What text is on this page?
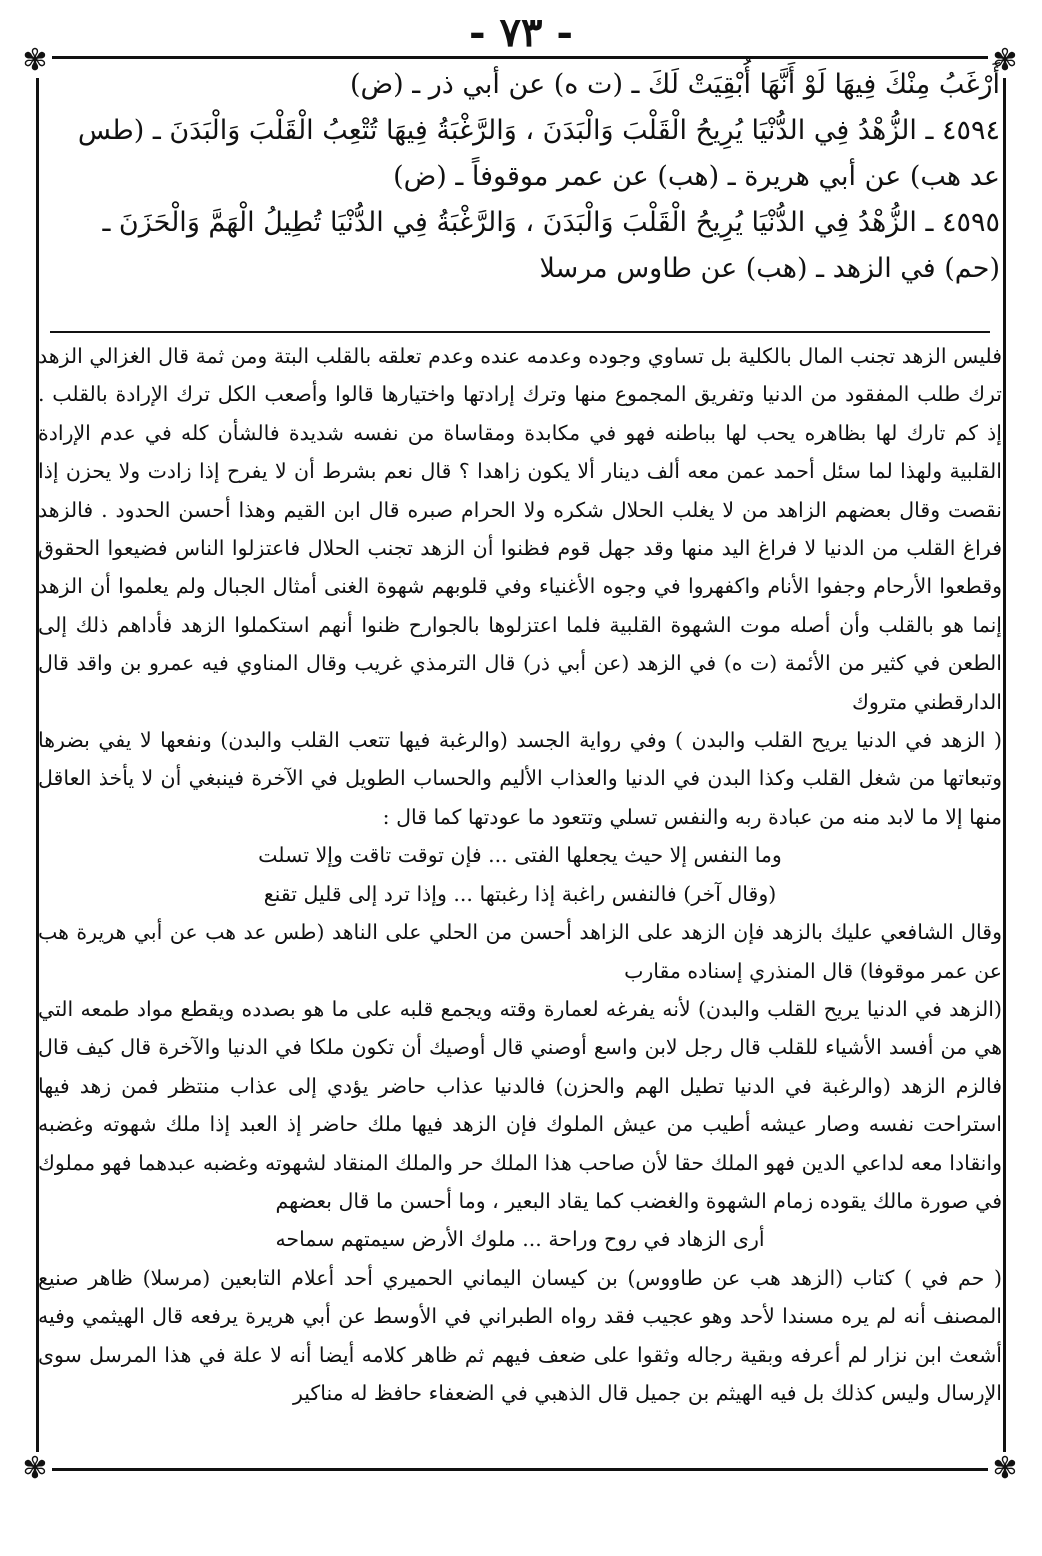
- ٧٣ -
✾	✾
✾	✾

أَرْغَبُ مِنْكَ فِيهَا لَوْ أَنَّهَا أُبْقِيَتْ لَكَ ـ (ت ه) عن أبي ذر ـ (ض)

٤٥٩٤ ـ الزُّهْدُ فِي الدُّنْيَا يُرِيحُ الْقَلْبَ وَالْبَدَنَ ، وَالرَّغْبَةُ فِيهَا تُتْعِبُ الْقَلْبَ وَالْبَدَنَ ـ (طس عد هب) عن أبي هريرة ـ (هب) عن عمر موقوفاً ـ (ض)

٤٥٩٥ ـ الزُّهْدُ فِي الدُّنْيَا يُرِيحُ الْقَلْبَ وَالْبَدَنَ ، وَالرَّغْبَةُ فِي الدُّنْيَا تُطِيلُ الْهَمَّ وَالْحَزَنَ ـ (حم) في الزهد ـ (هب) عن طاوس مرسلا

فليس الزهد تجنب المال بالكلية بل تساوي وجوده وعدمه عنده وعدم تعلقه بالقلب البتة ومن ثمة قال الغزالي الزهد ترك طلب المفقود من الدنيا وتفريق المجموع منها وترك إرادتها واختيارها قالوا وأصعب الكل ترك الإرادة بالقلب . إذ كم تارك لها بظاهره يحب لها بباطنه فهو في مكابدة ومقاساة من نفسه شديدة فالشأن كله في عدم الإرادة القلبية ولهذا لما سئل أحمد عمن معه ألف دينار ألا يكون زاهدا ؟ قال نعم بشرط أن لا يفرح إذا زادت ولا يحزن إذا نقصت وقال بعضهم الزاهد من لا يغلب الحلال شكره ولا الحرام صبره قال ابن القيم وهذا أحسن الحدود . فالزهد فراغ القلب من الدنيا لا فراغ اليد منها وقد جهل قوم فظنوا أن الزهد تجنب الحلال فاعتزلوا الناس فضيعوا الحقوق وقطعوا الأرحام وجفوا الأنام واكفهروا في وجوه الأغنياء وفي قلوبهم شهوة الغنى أمثال الجبال ولم يعلموا أن الزهد إنما هو بالقلب وأن أصله موت الشهوة القلبية فلما اعتزلوها بالجوارح ظنوا أنهم استكملوا الزهد فأداهم ذلك إلى الطعن في كثير من الأئمة (ت ه) في الزهد (عن أبي ذر) قال الترمذي غريب وقال المناوي فيه عمرو بن واقد قال الدارقطني متروك

( الزهد في الدنيا يريح القلب والبدن ) وفي رواية الجسد (والرغبة فيها تتعب القلب والبدن) ونفعها لا يفي بضرها وتبعاتها من شغل القلب وكذا البدن في الدنيا والعذاب الأليم والحساب الطويل في الآخرة فينبغي أن لا يأخذ العاقل منها إلا ما لابد منه من عبادة ربه والنفس تسلي وتتعود ما عودتها كما قال :

وما النفس إلا حيث يجعلها الفتى ... فإن توقت تاقت وإلا تسلت

(وقال آخر) فالنفس راغبة إذا رغبتها ... وإذا ترد إلى قليل تقنع

وقال الشافعي عليك بالزهد فإن الزهد على الزاهد أحسن من الحلي على الناهد (طس عد هب عن أبي هريرة هب عن عمر موقوفا) قال المنذري إسناده مقارب

(الزهد في الدنيا يريح القلب والبدن) لأنه يفرغه لعمارة وقته ويجمع قلبه على ما هو بصدده ويقطع مواد طمعه التي هي من أفسد الأشياء للقلب قال رجل لابن واسع أوصني قال أوصيك أن تكون ملكا في الدنيا والآخرة قال كيف قال فالزم الزهد (والرغبة في الدنيا تطيل الهم والحزن) فالدنيا عذاب حاضر يؤدي إلى عذاب منتظر فمن زهد فيها استراحت نفسه وصار عيشه أطيب من عيش الملوك فإن الزهد فيها ملك حاضر إذ العبد إذا ملك شهوته وغضبه وانقادا معه لداعي الدين فهو الملك حقا لأن صاحب هذا الملك حر والملك المنقاد لشهوته وغضبه عبدهما فهو مملوك في صورة مالك يقوده زمام الشهوة والغضب كما يقاد البعير ، وما أحسن ما قال بعضهم

أرى الزهاد في روح وراحة ... ملوك الأرض سيمتهم سماحه

( حم في ) كتاب (الزهد هب عن طاووس) بن كيسان اليماني الحميري أحد أعلام التابعين (مرسلا) ظاهر صنيع المصنف أنه لم يره مسندا لأحد وهو عجيب فقد رواه الطبراني في الأوسط عن أبي هريرة يرفعه قال الهيثمي وفيه أشعث ابن نزار لم أعرفه وبقية رجاله وثقوا على ضعف فيهم ثم ظاهر كلامه أيضا أنه لا علة في هذا المرسل سوى الإرسال وليس كذلك بل فيه الهيثم بن جميل قال الذهبي في الضعفاء حافظ له مناكير
